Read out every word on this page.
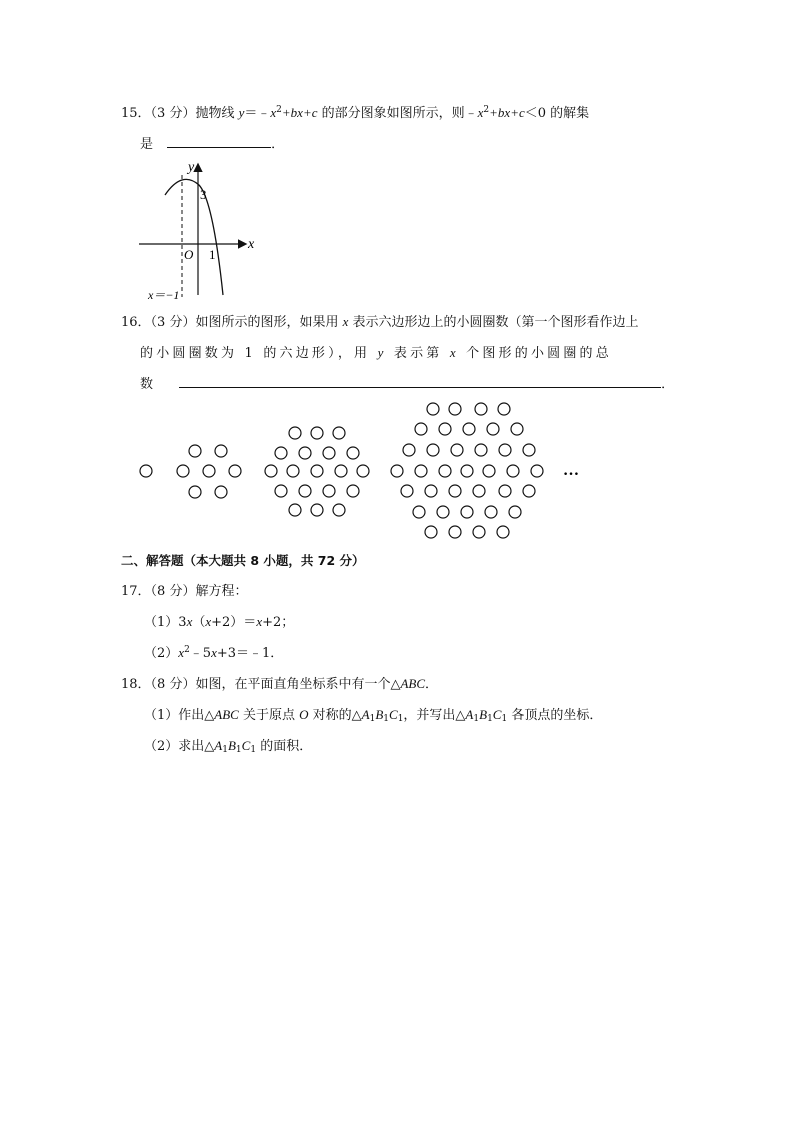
15．（3 分）抛物线 $y=﹣x^2+bx+c$ 的部分图象如图所示，则$﹣x^2+bx+c<0$ 的解集
是	．
y
3
O 1
x
x＝−1
16．（3 分）如图所示的图形，如果用 x 表示六边形边上的小圆圈数（第一个图形看作边上
的小圆圈数为 1 的六边形），用 y 表示第 x 个图形的小圆圈的总
数	．
…
二、解答题（本大题共 8 小题，共 72 分）
17．（8 分）解方程：
（1）3x（x+2）＝x+2；
$(2)x^2﹣5x+3=﹣1$．
18．（8 分）如图，在平面直角坐标系中有一个△ABC．
（1）作出△ABC 关于原点 O 对称的$\triangle A_1B_1C_1$，并写出$\triangle A_1B_1C_1$ 各顶点的坐标．
（2）求出$\triangle A_1B_1C_1$ 的面积．
